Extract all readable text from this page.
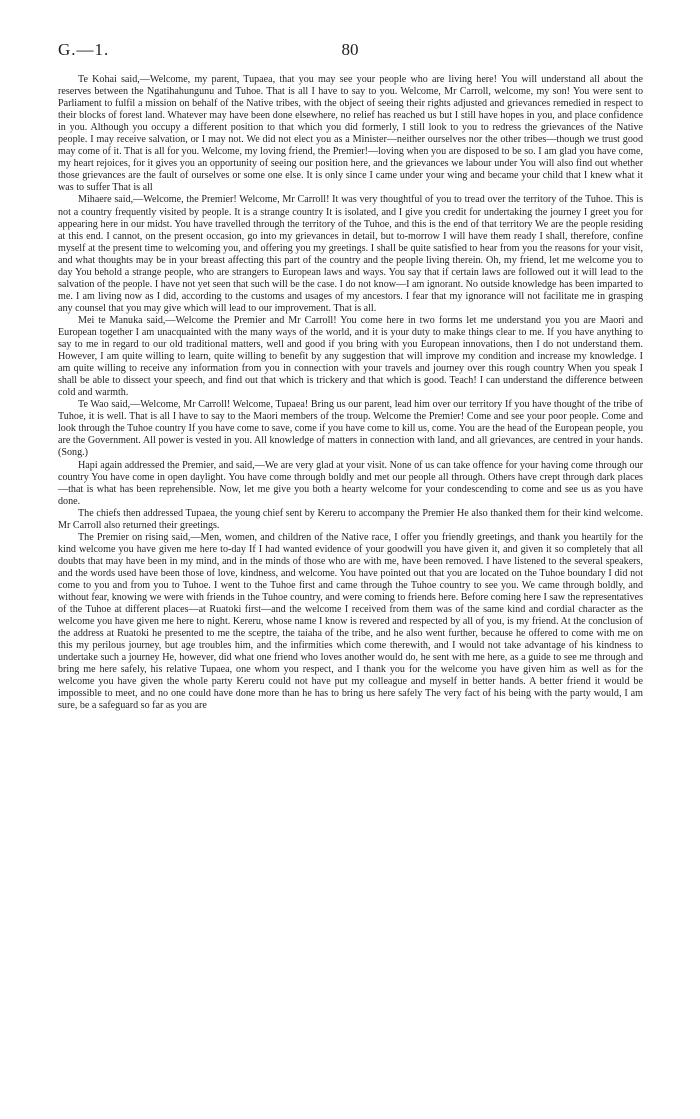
G.—1.	80

Te Kohai said,—Welcome, my parent, Tupaea, that you may see your people who are living here! You will understand all about the reserves between the Ngatihahungunu and Tuhoe. That is all I have to say to you. Welcome, Mr Carroll, welcome, my son! You were sent to Parliament to fulfil a mission on behalf of the Native tribes, with the object of seeing their rights adjusted and grievances remedied in respect to their blocks of forest land. Whatever may have been done elsewhere, no relief has reached us but I still have hopes in you, and place confidence in you. Although you occupy a different position to that which you did formerly, I still look to you to redress the grievances of the Native people. I may receive salvation, or I may not. We did not elect you as a Minister—neither ourselves nor the other tribes—though we trust good may come of it. That is all for you. Welcome, my loving friend, the Premier!—loving when you are disposed to be so. I am glad you have come, my heart rejoices, for it gives you an opportunity of seeing our position here, and the grievances we labour under You will also find out whether those grievances are the fault of ourselves or some one else. It is only since I came under your wing and became your child that I knew what it was to suffer That is all

Mihaere said,—Welcome, the Premier! Welcome, Mr Carroll! It was very thoughtful of you to tread over the territory of the Tuhoe. This is not a country frequently visited by people. It is a strange country It is isolated, and I give you credit for undertaking the journey I greet you for appearing here in our midst. You have travelled through the territory of the Tuhoe, and this is the end of that territory We are the people residing at this end. I cannot, on the present occasion, go into my grievances in detail, but to-morrow I will have them ready I shall, therefore, confine myself at the present time to welcoming you, and offering you my greetings. I shall be quite satisfied to hear from you the reasons for your visit, and what thoughts may be in your breast affecting this part of the country and the people living therein. Oh, my friend, let me welcome you to day You behold a strange people, who are strangers to European laws and ways. You say that if certain laws are followed out it will lead to the salvation of the people. I have not yet seen that such will be the case. I do not know—I am ignorant. No outside knowledge has been imparted to me. I am living now as I did, according to the customs and usages of my ancestors. I fear that my ignorance will not facilitate me in grasping any counsel that you may give which will lead to our improvement. That is all.

Mei te Manuka said,—Welcome the Premier and Mr Carroll! You come here in two forms let me understand you you are Maori and European together I am unacquainted with the many ways of the world, and it is your duty to make things clear to me. If you have anything to say to me in regard to our old traditional matters, well and good if you bring with you European innovations, then I do not understand them. However, I am quite willing to learn, quite willing to benefit by any suggestion that will improve my condition and increase my knowledge. I am quite willing to receive any information from you in connection with your travels and journey over this rough country When you speak I shall be able to dissect your speech, and find out that which is trickery and that which is good. Teach! I can understand the difference between cold and warmth.

Te Wao said,—Welcome, Mr Carroll! Welcome, Tupaea! Bring us our parent, lead him over our territory If you have thought of the tribe of Tuhoe, it is well. That is all I have to say to the Maori members of the troup. Welcome the Premier! Come and see your poor people. Come and look through the Tuhoe country If you have come to save, come if you have come to kill us, come. You are the head of the European people, you are the Government. All power is vested in you. All knowledge of matters in connection with land, and all grievances, are centred in your hands. (Song.)

Hapi again addressed the Premier, and said,—We are very glad at your visit. None of us can take offence for your having come through our country You have come in open daylight. You have come through boldly and met our people all through. Others have crept through dark places —that is what has been reprehensible. Now, let me give you both a hearty welcome for your condescending to come and see us as you have done.

The chiefs then addressed Tupaea, the young chief sent by Kereru to accompany the Premier He also thanked them for their kind welcome. Mr Carroll also returned their greetings.

The Premier on rising said,—Men, women, and children of the Native race, I offer you friendly greetings, and thank you heartily for the kind welcome you have given me here to-day If I had wanted evidence of your goodwill you have given it, and given it so completely that all doubts that may have been in my mind, and in the minds of those who are with me, have been removed. I have listened to the several speakers, and the words used have been those of love, kindness, and welcome. You have pointed out that you are located on the Tuhoe boundary I did not come to you and from you to Tuhoe. I went to the Tuhoe first and came through the Tuhoe country to see you. We came through boldly, and without fear, knowing we were with friends in the Tuhoe country, and were coming to friends here. Before coming here I saw the representatives of the Tuhoe at different places—at Ruatoki first—and the welcome I received from them was of the same kind and cordial character as the welcome you have given me here to night. Kereru, whose name I know is revered and respected by all of you, is my friend. At the conclusion of the address at Ruatoki he presented to me the sceptre, the taiaha of the tribe, and he also went further, because he offered to come with me on this my perilous journey, but age troubles him, and the infirmities which come therewith, and I would not take advantage of his kindness to undertake such a journey He, however, did what one friend who loves another would do, he sent with me here, as a guide to see me through and bring me here safely, his relative Tupaea, one whom you respect, and I thank you for the welcome you have given him as well as for the welcome you have given the whole party Kereru could not have put my colleague and myself in better hands. A better friend it would be impossible to meet, and no one could have done more than he has to bring us here safely The very fact of his being with the party would, I am sure, be a safeguard so far as you are
